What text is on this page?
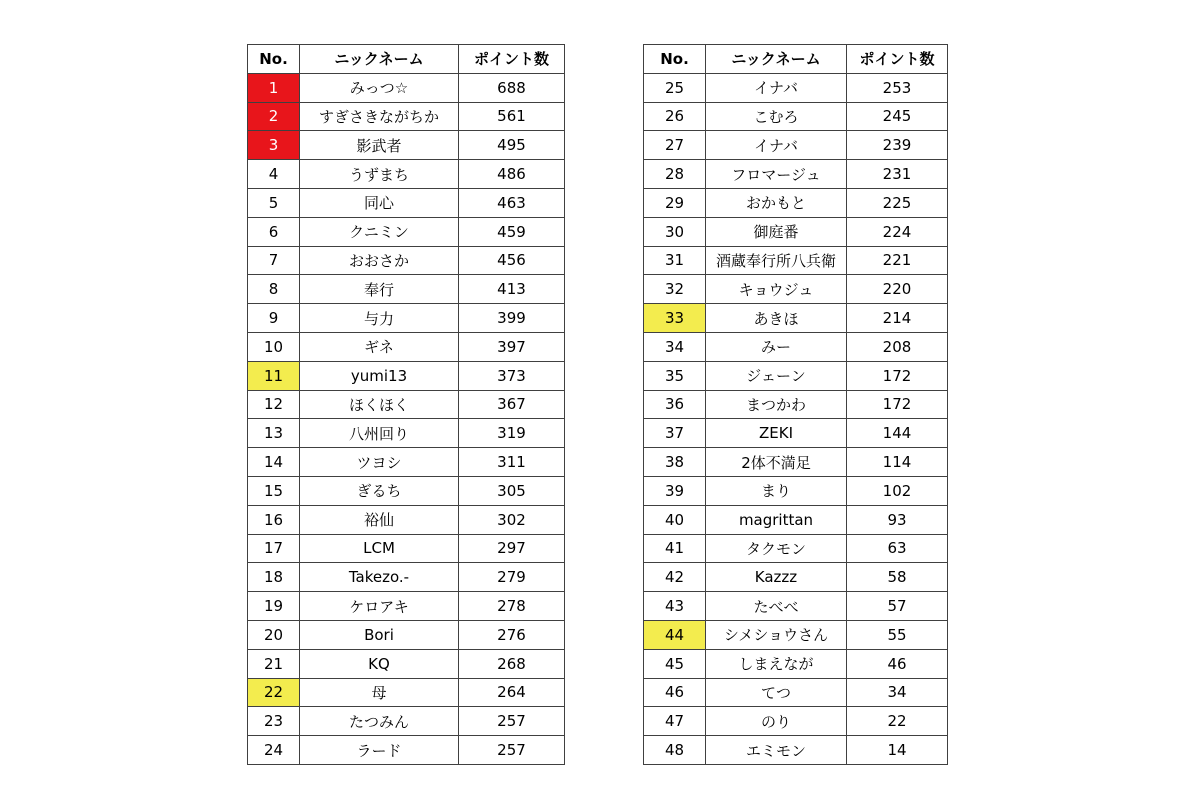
No.	ニックネーム	ポイント数
1	みっつ☆	688
2	すぎさきながちか	561
3	影武者	495
4	うずまち	486
5	同心	463
6	クニミン	459
7	おおさか	456
8	奉行	413
9	与力	399
10	ギネ	397
11	yumi13	373
12	ほくほく	367
13	八州回り	319
14	ツヨシ	311
15	ぎるち	305
16	裕仙	302
17	LCM	297
18	Takezo.-	279
19	ケロアキ	278
20	Bori	276
21	KQ	268
22	母	264
23	たつみん	257
24	ラード	257
No.	ニックネーム	ポイント数
25	イナバ	253
26	こむろ	245
27	イナバ	239
28	フロマージュ	231
29	おかもと	225
30	御庭番	224
31	酒蔵奉行所八兵衛	221
32	キョウジュ	220
33	あきほ	214
34	みー	208
35	ジェーン	172
36	まつかわ	172
37	ZEKI	144
38	2体不満足	114
39	まり	102
40	magrittan	93
41	タクモン	63
42	Kazzz	58
43	たべべ	57
44	シメショウさん	55
45	しまえなが	46
46	てつ	34
47	のり	22
48	エミモン	14
